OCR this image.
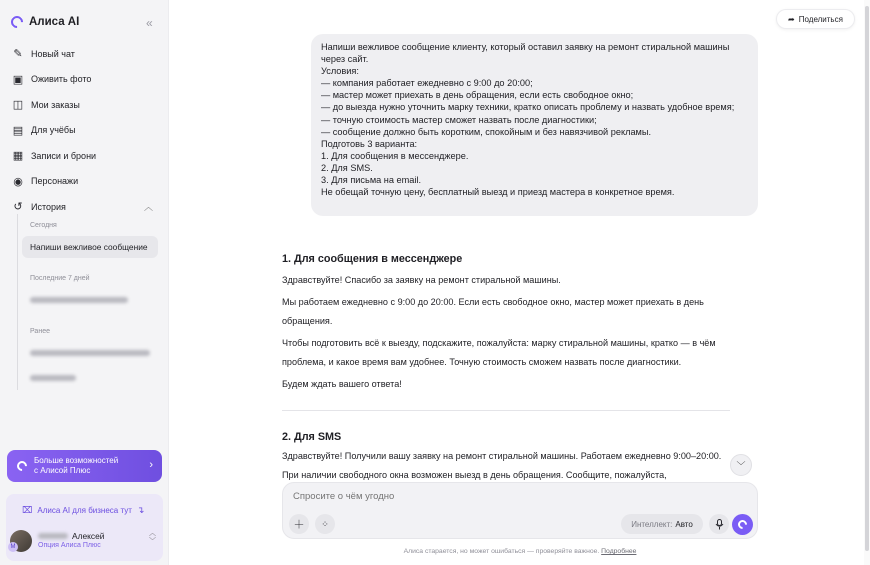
Алиса AI	«
✎ Новый чат
▣ Оживить фото
◫ Мои заказы
▤ Для учёбы
▦ Записи и брони
◉ Персонажи
↺ История	︿
Сегодня
Напиши вежливое сообщение
Последние 7 дней
Ранее
Больше возможностей
с Алисой Плюс	›
⌧ Алиса AI для бизнеса тут ↴
M
Алексей
Опция Алиса Плюс
︿
﹀
➦ Поделиться

Напиши вежливое сообщение клиенту, который оставил заявку на ремонт стиральной машины через сайт.
Условия:
— компания работает ежедневно с 9:00 до 20:00;
— мастер может приехать в день обращения, если есть свободное окно;
— до выезда нужно уточнить марку техники, кратко описать проблему и назвать удобное время;
— точную стоимость мастер сможет назвать после диагностики;
— сообщение должно быть коротким, спокойным и без навязчивой рекламы.
Подготовь 3 варианта:
1. Для сообщения в мессенджере.
2. Для SMS.
3. Для письма на email.
Не обещай точную цену, бесплатный выезд и приезд мастера в конкретное время.

1. Для сообщения в мессенджере

Здравствуйте! Спасибо за заявку на ремонт стиральной машины.

Мы работаем ежедневно с 9:00 до 20:00. Если есть свободное окно, мастер может приехать в день обращения.

Чтобы подготовить всё к выезду, подскажите, пожалуйста: марку стиральной машины, кратко — в чём проблема, и какое время вам удобнее. Точную стоимость сможем назвать после диагностики.

Будем ждать вашего ответа!

2. Для SMS

Здравствуйте! Получили вашу заявку на ремонт стиральной машины. Работаем ежедневно 9:00–20:00. При наличии свободного окна возможен выезд в день обращения. Сообщите, пожалуйста,

﹀
Спросите о чём угодно
＋ ⁘	Интеллект: Авто
Алиса старается, но может ошибаться — проверяйте важное. Подробнее
